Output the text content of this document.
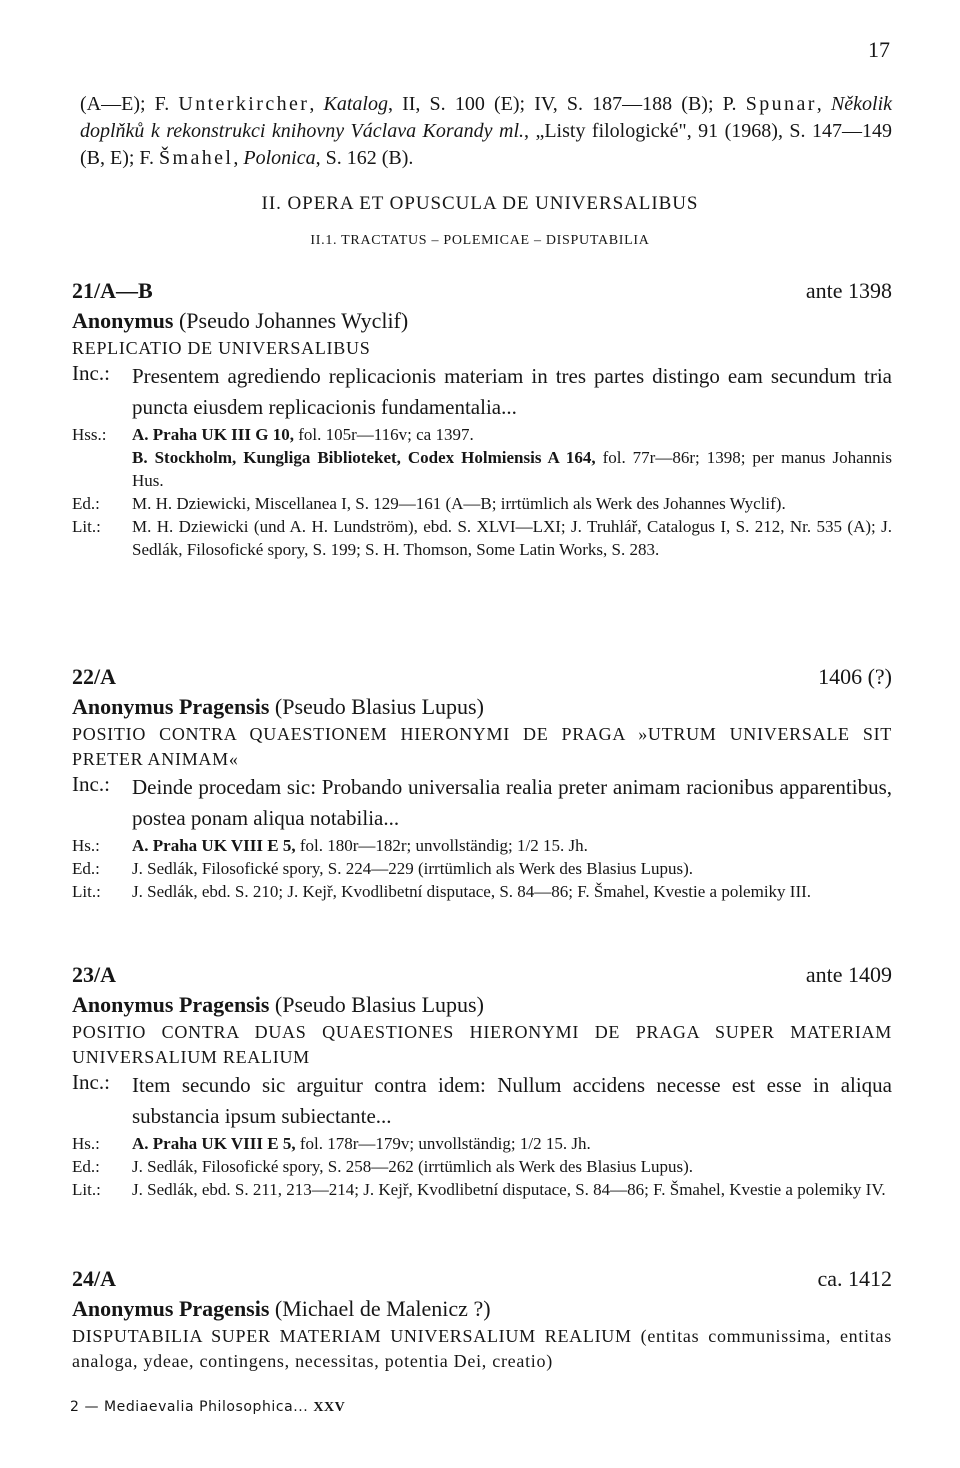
17
(A—E); F. Unterkircher, Katalog, II, S. 100 (E); IV, S. 187—188 (B); P. Spunar, Několik doplňků k rekonstrukci knihovny Václava Korandy ml., „Listy filologické", 91 (1968), S. 147—149 (B, E); F. Šmahel, Polonica, S. 162 (B).
II. OPERA ET OPUSCULA DE UNIVERSALIBUS
II.1. TRACTATUS – POLEMICAE – DISPUTABILIA
21/A—B	ante 1398
Anonymus (Pseudo Johannes Wyclif)
REPLICATIO DE UNIVERSALIBUS
Inc.:	Presentem agrediendo replicacionis materiam in tres partes distingo eam secundum tria puncta eiusdem replicacionis fundamentalia...
Hss.:	A. Praha UK III G 10, fol. 105r—116v; ca 1397.
B. Stockholm, Kungliga Biblioteket, Codex Holmiensis A 164, fol. 77r—86r; 1398; per manus Johannis Hus.
Ed.:	M. H. Dziewicki, Miscellanea I, S. 129—161 (A—B; irrtümlich als Werk des Johannes Wyclif).
Lit.:	M. H. Dziewicki (und A. H. Lundström), ebd. S. XLVI—LXI; J. Truhlář, Catalogus I, S. 212, Nr. 535 (A); J. Sedlák, Filosofické spory, S. 199; S. H. Thomson, Some Latin Works, S. 283.
22/A	1406 (?)
Anonymus Pragensis (Pseudo Blasius Lupus)
POSITIO CONTRA QUAESTIONEM HIERONYMI DE PRAGA »UTRUM UNIVERSALE SIT PRETER ANIMAM«
Inc.:	Deinde procedam sic: Probando universalia realia preter animam racionibus apparentibus, postea ponam aliqua notabilia...
Hs.:	A. Praha UK VIII E 5, fol. 180r—182r; unvollständig; 1/2 15. Jh.
Ed.:	J. Sedlák, Filosofické spory, S. 224—229 (irrtümlich als Werk des Blasius Lupus).
Lit.:	J. Sedlák, ebd. S. 210; J. Kejř, Kvodlibetní disputace, S. 84—86; F. Šmahel, Kvestie a polemiky III.
23/A	ante 1409
Anonymus Pragensis (Pseudo Blasius Lupus)
POSITIO CONTRA DUAS QUAESTIONES HIERONYMI DE PRAGA SUPER MATERIAM UNIVERSALIUM REALIUM
Inc.:	Item secundo sic arguitur contra idem: Nullum accidens necesse est esse in aliqua substancia ipsum subiectante...
Hs.:	A. Praha UK VIII E 5, fol. 178r—179v; unvollständig; 1/2 15. Jh.
Ed.:	J. Sedlák, Filosofické spory, S. 258—262 (irrtümlich als Werk des Blasius Lupus).
Lit.:	J. Sedlák, ebd. S. 211, 213—214; J. Kejř, Kvodlibetní disputace, S. 84—86; F. Šmahel, Kvestie a polemiky IV.
24/A	ca. 1412
Anonymus Pragensis (Michael de Malenicz ?)
DISPUTABILIA SUPER MATERIAM UNIVERSALIUM REALIUM (entitas communissima, entitas analoga, ydeae, contingens, necessitas, potentia Dei, creatio)
2 — Mediaevalia Philosophica... XXV
